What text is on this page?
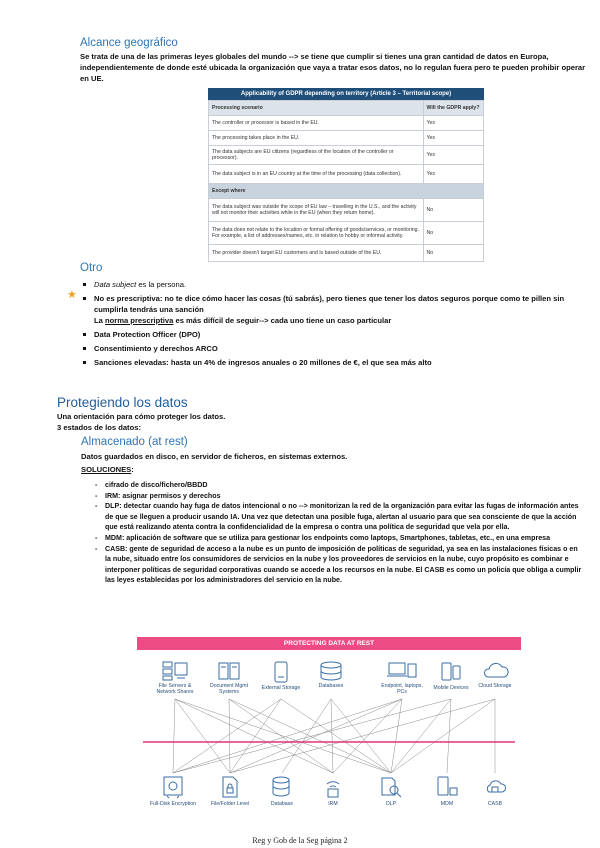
Alcance geográfico
Se trata de una de las primeras leyes globales del mundo --> se tiene que cumplir si tienes una gran cantidad de datos en Europa, independientemente de donde esté ubicada la organización que vaya a tratar esos datos, no lo regulan fuera pero te pueden prohibir operar en UE.
Applicability of GDPR depending on territory (Article 3 – Territorial scope)
Processing scenario	Will the GDPR apply?
The controller or processor is based in the EU.	Yes
The processing takes place in the EU.	Yes
The data subjects are EU citizens (regardless of the location of the controller or processor).	Yes
The data subject is in an EU country at the time of the processing (data collection).	Yes
Except where	
The data subject was outside the scope of EU law – travelling in the U.S., and the activity will not monitor their activities while in the EU (when they return home).	No
The data does not relate to the location or formal offering of goods/services, or monitoring. For example, a list of addresses/names, etc. in relation to hobby or informal activity.	No
The provider doesn't target EU customers and is based outside of the EU.	No
Otro
Data subject es la persona.
No es prescriptiva: no te dice cómo hacer las cosas (tú sabrás), pero tienes que tener los datos seguros porque como te pillen sin cumplirla tendrás una sanción
La norma prescriptiva es más difícil de seguir--> cada uno tiene un caso particular
Data Protection Officer (DPO)
Consentimiento y derechos ARCO
Sanciones elevadas: hasta un 4% de ingresos anuales o 20 millones de €, el que sea más alto
★
Protegiendo los datos
Una orientación para cómo proteger los datos.
3 estados de los datos:
Almacenado (at rest)
Datos guardados en disco, en servidor de ficheros, en sistemas externos.
SOLUCIONES:
- cifrado de disco/fichero/BBDD
- IRM: asignar permisos y derechos
- DLP: detectar cuando hay fuga de datos intencional o no --> monitorizan la red de la organización para evitar las fugas de información antes de que se lleguen a producir usando IA. Una vez que detectan una posible fuga, alertan al usuario para que sea consciente de que la acción que está realizando atenta contra la confidencialidad de la empresa o contra una política de seguridad que vela por ella.
- MDM: aplicación de software que se utiliza para gestionar los endpoints como laptops, Smartphones, tabletas, etc., en una empresa
- CASB: gente de seguridad de acceso a la nube es un punto de imposición de políticas de seguridad, ya sea en las instalaciones físicas o en la nube, situado entre los consumidores de servicios en la nube y los proveedores de servicios en la nube, cuyo propósito es combinar e interponer políticas de seguridad corporativas cuando se accede a los recursos en la nube. El CASB es como un policía que obliga a cumplir las leyes establecidas por los administradores del servicio en la nube.
PROTECTING DATA AT REST
File Servers & Network Shares
Document Mgmt Systems
External Storage	Databases	Endpoint, laptops, PCs
Mobile Devices	Cloud Storage
Full-Disk Encryption	File/Folder Level	Database	IRM	DLP	MDM	CASB
Reg y Gob de la Seg página 2
